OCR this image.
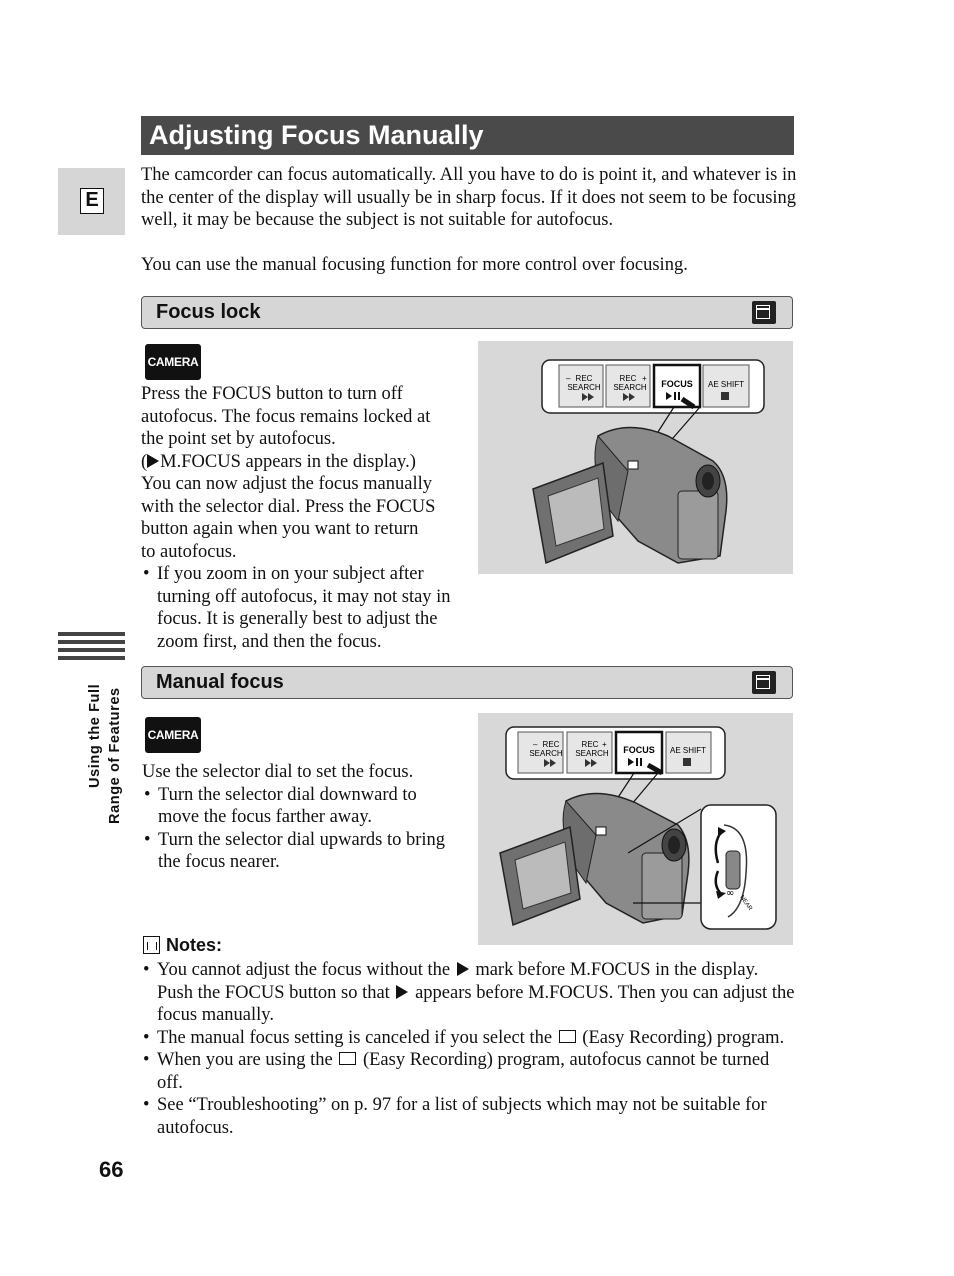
Adjusting Focus Manually
E
The camcorder can focus automatically. All you have to do is point it, and whatever is in the center of the display will usually be in sharp focus. If it does not seem to be focusing well, it may be because the subject is not suitable for autofocus.
You can use the manual focusing function for more control over focusing.
Focus lock
CAMERA
Press the FOCUS button to turn off
autofocus. The focus remains locked at
the point set by autofocus.
( M.FOCUS appears in the display.)
You can now adjust the focus manually
with the selector dial. Press the FOCUS
button again when you want to return
to autofocus.
• If you zoom in on your subject after turning off autofocus, it may not stay in focus. It is generally best to adjust the zoom first, and then the focus.
– REC
SEARCH
REC +
SEARCH FOCUS AE SHIFT
Using the Full Range of Features
Manual focus
CAMERA
Use the selector dial to set the focus.
• Turn the selector dial downward to move the focus farther away.
• Turn the selector dial upwards to bring the focus nearer.
– REC
SEARCH
REC +
SEARCH FOCUS AE SHIFT
∞
NEAR
Notes:
• You cannot adjust the focus without the mark before M.FOCUS in the display. Push the FOCUS button so that appears before M.FOCUS. Then you can adjust the focus manually.
• The manual focus setting is canceled if you select the (Easy Recording) program.
• When you are using the (Easy Recording) program, autofocus cannot be turned off.
• See “Troubleshooting” on p. 97 for a list of subjects which may not be suitable for autofocus.
66
